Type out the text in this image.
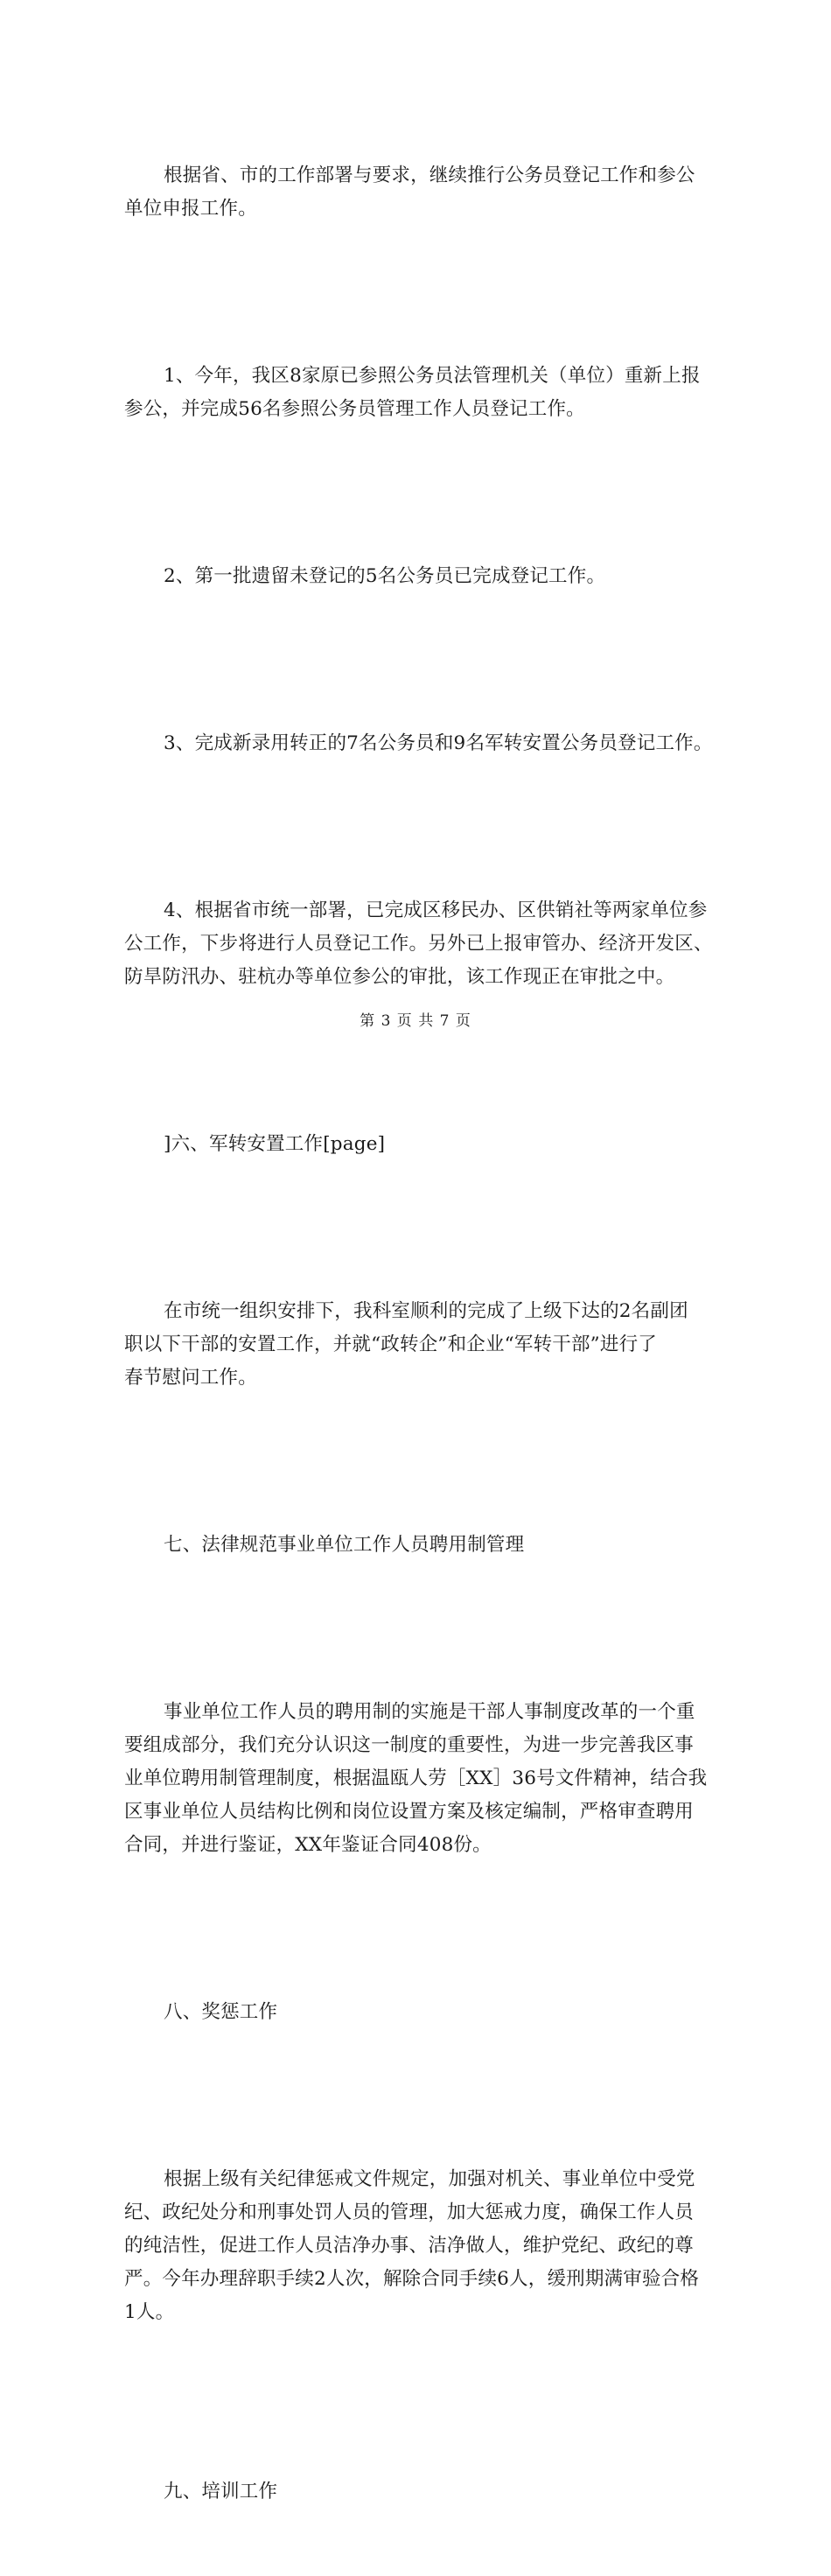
根据省、市的工作部署与要求，继续推行公务员登记工作和参公
单位申报工作。

1、今年，我区8家原已参照公务员法管理机关（单位）重新上报
参公，并完成56名参照公务员管理工作人员登记工作。

2、第一批遗留未登记的5名公务员已完成登记工作。

3、完成新录用转正的7名公务员和9名军转安置公务员登记工作。

4、根据省市统一部署，已完成区移民办、区供销社等两家单位参
公工作，下步将进行人员登记工作。另外已上报审管办、经济开发区、
防旱防汛办、驻杭办等单位参公的审批，该工作现正在审批之中。

]六、军转安置工作[page]

在市统一组织安排下，我科室顺利的完成了上级下达的2名副团
职以下干部的安置工作，并就“政转企”和企业“军转干部”进行了
春节慰问工作。

七、法律规范事业单位工作人员聘用制管理

事业单位工作人员的聘用制的实施是干部人事制度改革的一个重
要组成部分，我们充分认识这一制度的重要性，为进一步完善我区事
业单位聘用制管理制度，根据温瓯人劳［XX］36号文件精神，结合我
区事业单位人员结构比例和岗位设置方案及核定编制，严格审查聘用
合同，并进行鉴证，XX年鉴证合同408份。

八、奖惩工作

根据上级有关纪律惩戒文件规定，加强对机关、事业单位中受党
纪、政纪处分和刑事处罚人员的管理，加大惩戒力度，确保工作人员
的纯洁性，促进工作人员洁净办事、洁净做人，维护党纪、政纪的尊
严。今年办理辞职手续2人次，解除合同手续6人，缓刑期满审验合格
1人。

九、培训工作

第 3 页 共 7 页
